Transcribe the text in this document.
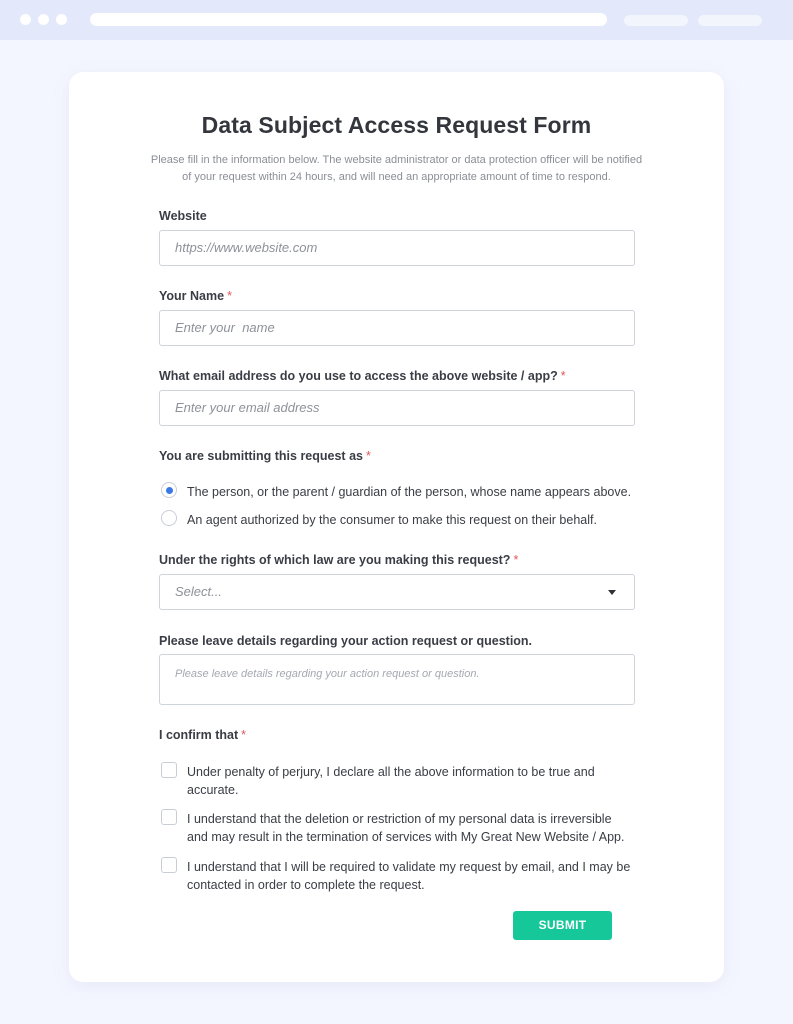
Data Subject Access Request Form

Please fill in the information below. The website administrator or data protection officer will be notified of your request within 24 hours, and will need an appropriate amount of time to respond.

Website
https://www.website.com
Your Name *
Enter your  name
What email address do you use to access the above website / app? *
Enter your email address
You are submitting this request as *
The person, or the parent / guardian of the person, whose name appears above.
An agent authorized by the consumer to make this request on their behalf.
Under the rights of which law are you making this request? *
Select...
Please leave details regarding your action request or question.
Please leave details regarding your action request or question.
I confirm that *
Under penalty of perjury, I declare all the above information to be true and
accurate.
I understand that the deletion or restriction of my personal data is irreversible
and may result in the termination of services with My Great New Website / App.
I understand that I will be required to validate my request by email, and I may be
contacted in order to complete the request.
SUBMIT
